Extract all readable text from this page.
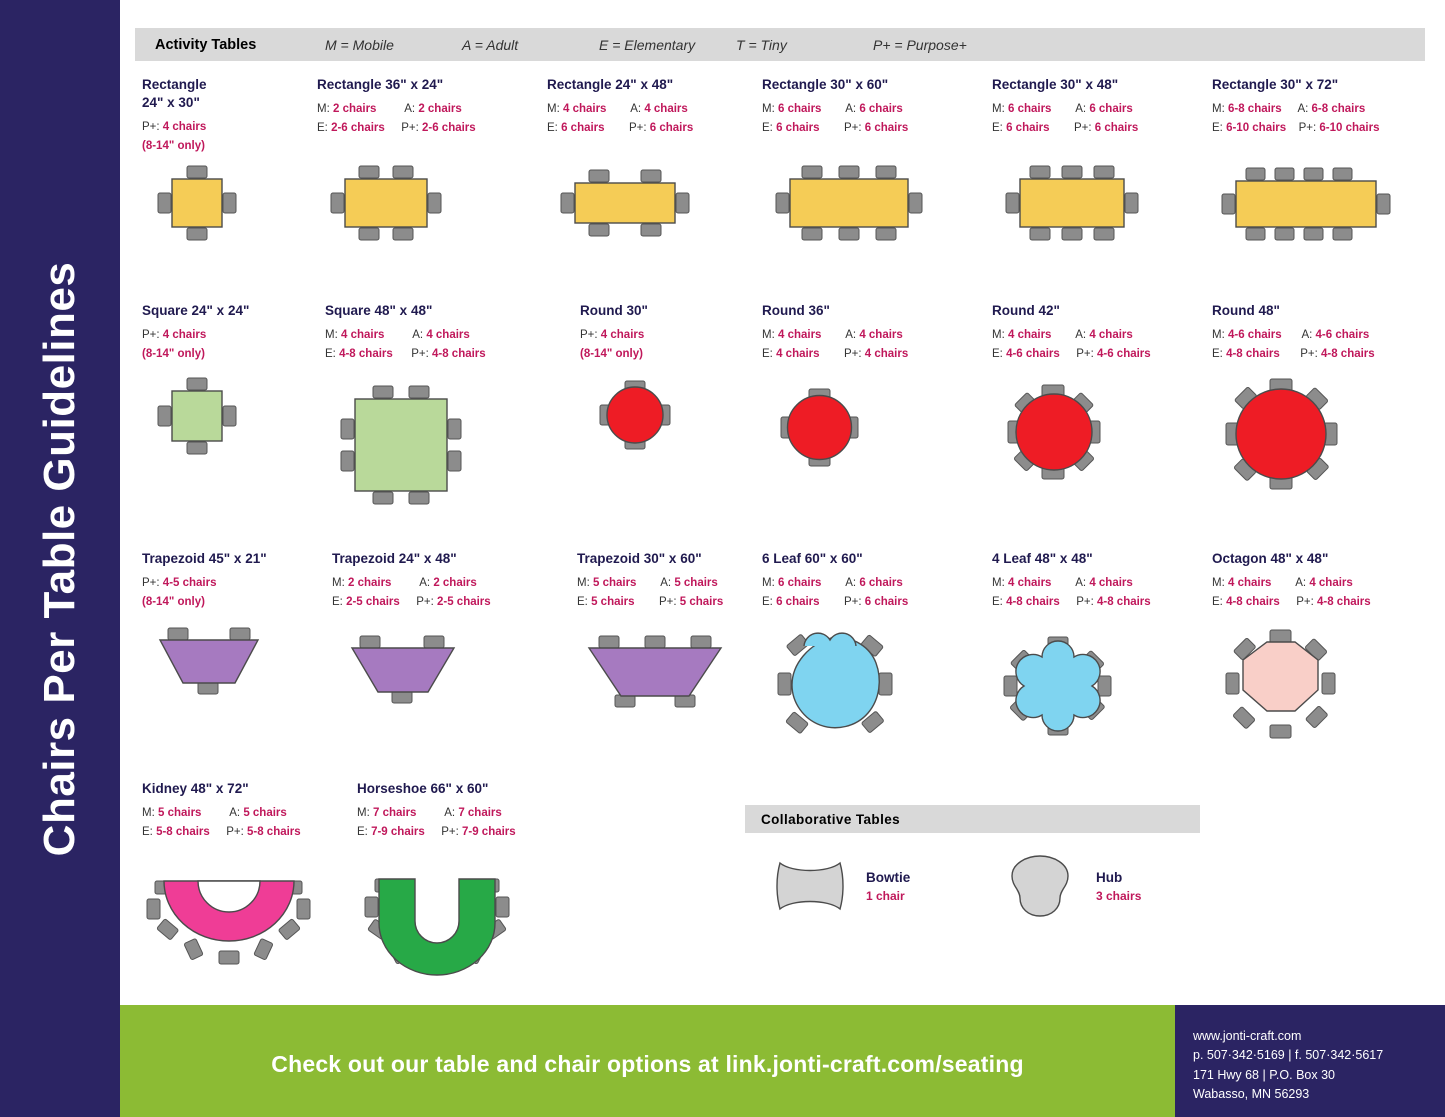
Chairs Per Table Guidelines
Activity Tables	M = Mobile	A = Adult	E = Elementary	T = Tiny	P+ = Purpose+
Rectangle
24" x 30"
P+: 4 chairs
(8-14" only)
Rectangle 36" x 24"
M: 2 chairs A: 2 chairs
E: 2-6 chairs P+: 2-6 chairs
Rectangle 24" x 48"
M: 4 chairs A: 4 chairs
E: 6 chairs P+: 6 chairs
Rectangle 30" x 60"
M: 6 chairs A: 6 chairs
E: 6 chairs P+: 6 chairs
Rectangle 30" x 48"
M: 6 chairs A: 6 chairs
E: 6 chairs P+: 6 chairs
Rectangle 30" x 72"
M: 6-8 chairs A: 6-8 chairs
E: 6-10 chairs P+: 6-10 chairs
Square 24" x 24"
P+: 4 chairs
(8-14" only)
Square 48" x 48"
M: 4 chairs A: 4 chairs
E: 4-8 chairs P+: 4-8 chairs
Round 30"
P+: 4 chairs
(8-14" only)
Round 36"
M: 4 chairs A: 4 chairs
E: 4 chairs P+: 4 chairs
Round 42"
M: 4 chairs A: 4 chairs
E: 4-6 chairs P+: 4-6 chairs
Round 48"
M: 4-6 chairs A: 4-6 chairs
E: 4-8 chairs P+: 4-8 chairs
Trapezoid 45" x 21"
P+: 4-5 chairs
(8-14" only)
Trapezoid 24" x 48"
M: 2 chairs A: 2 chairs
E: 2-5 chairs P+: 2-5 chairs
Trapezoid 30" x 60"
M: 5 chairs A: 5 chairs
E: 5 chairs P+: 5 chairs
6 Leaf 60" x 60"
M: 6 chairs A: 6 chairs
E: 6 chairs P+: 6 chairs
4 Leaf 48" x 48"
M: 4 chairs A: 4 chairs
E: 4-8 chairs P+: 4-8 chairs
Octagon 48" x 48"
M: 4 chairs A: 4 chairs
E: 4-8 chairs P+: 4-8 chairs
Kidney 48" x 72"
M: 5 chairs A: 5 chairs
E: 5-8 chairs P+: 5-8 chairs
Horseshoe 66" x 60"
M: 7 chairs A: 7 chairs
E: 7-9 chairs P+: 7-9 chairs
Collaborative Tables
Bowtie
1 chair
Hub
3 chairs
Check out our table and chair options at link.jonti-craft.com/seating
www.jonti-craft.com
p. 507·342·5169 | f. 507·342·5617
171 Hwy 68 | P.O. Box 30
Wabasso, MN 56293
